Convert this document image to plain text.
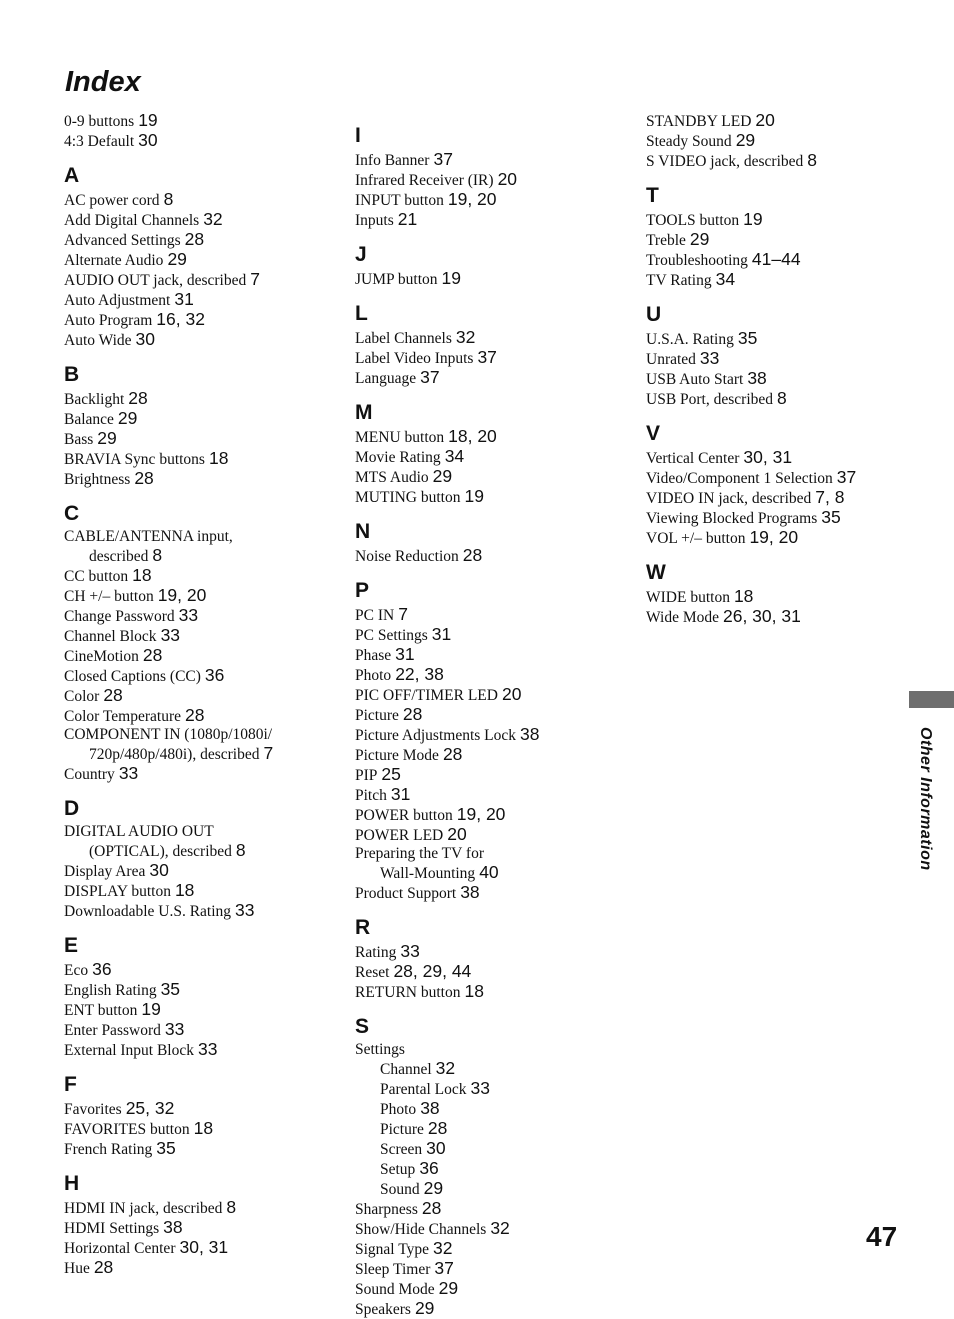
Index
0-9 buttons 19
4:3 Default 30
A
AC power cord 8
Add Digital Channels 32
Advanced Settings 28
Alternate Audio 29
AUDIO OUT jack, described 7
Auto Adjustment 31
Auto Program 16, 32
Auto Wide 30
B
Backlight 28
Balance 29
Bass 29
BRAVIA Sync buttons 18
Brightness 28
C
CABLE/ANTENNA input,
described 8
CC button 18
CH +/– button 19, 20
Change Password 33
Channel Block 33
CineMotion 28
Closed Captions (CC) 36
Color 28
Color Temperature 28
COMPONENT IN (1080p/1080i/
720p/480p/480i), described 7
Country 33
D
DIGITAL AUDIO OUT
(OPTICAL), described 8
Display Area 30
DISPLAY button 18
Downloadable U.S. Rating 33
E
Eco 36
English Rating 35
ENT button 19
Enter Password 33
External Input Block 33
F
Favorites 25, 32
FAVORITES button 18
French Rating 35
H
HDMI IN jack, described 8
HDMI Settings 38
Horizontal Center 30, 31
Hue 28
I
Info Banner 37
Infrared Receiver (IR) 20
INPUT button 19, 20
Inputs 21
J
JUMP button 19
L
Label Channels 32
Label Video Inputs 37
Language 37
M
MENU button 18, 20
Movie Rating 34
MTS Audio 29
MUTING button 19
N
Noise Reduction 28
P
PC IN 7
PC Settings 31
Phase 31
Photo 22, 38
PIC OFF/TIMER LED 20
Picture 28
Picture Adjustments Lock 38
Picture Mode 28
PIP 25
Pitch 31
POWER button 19, 20
POWER LED 20
Preparing the TV for
Wall-Mounting 40
Product Support 38
R
Rating 33
Reset 28, 29, 44
RETURN button 18
S
Settings
Channel 32
Parental Lock 33
Photo 38
Picture 28
Screen 30
Setup 36
Sound 29
Sharpness 28
Show/Hide Channels 32
Signal Type 32
Sleep Timer 37
Sound Mode 29
Speakers 29
STANDBY LED 20
Steady Sound 29
S VIDEO jack, described 8
T
TOOLS button 19
Treble 29
Troubleshooting 41–44
TV Rating 34
U
U.S.A. Rating 35
Unrated 33
USB Auto Start 38
USB Port, described 8
V
Vertical Center 30, 31
Video/Component 1 Selection 37
VIDEO IN jack, described 7, 8
Viewing Blocked Programs 35
VOL +/– button 19, 20
W
WIDE button 18
Wide Mode 26, 30, 31
Other Information
47
